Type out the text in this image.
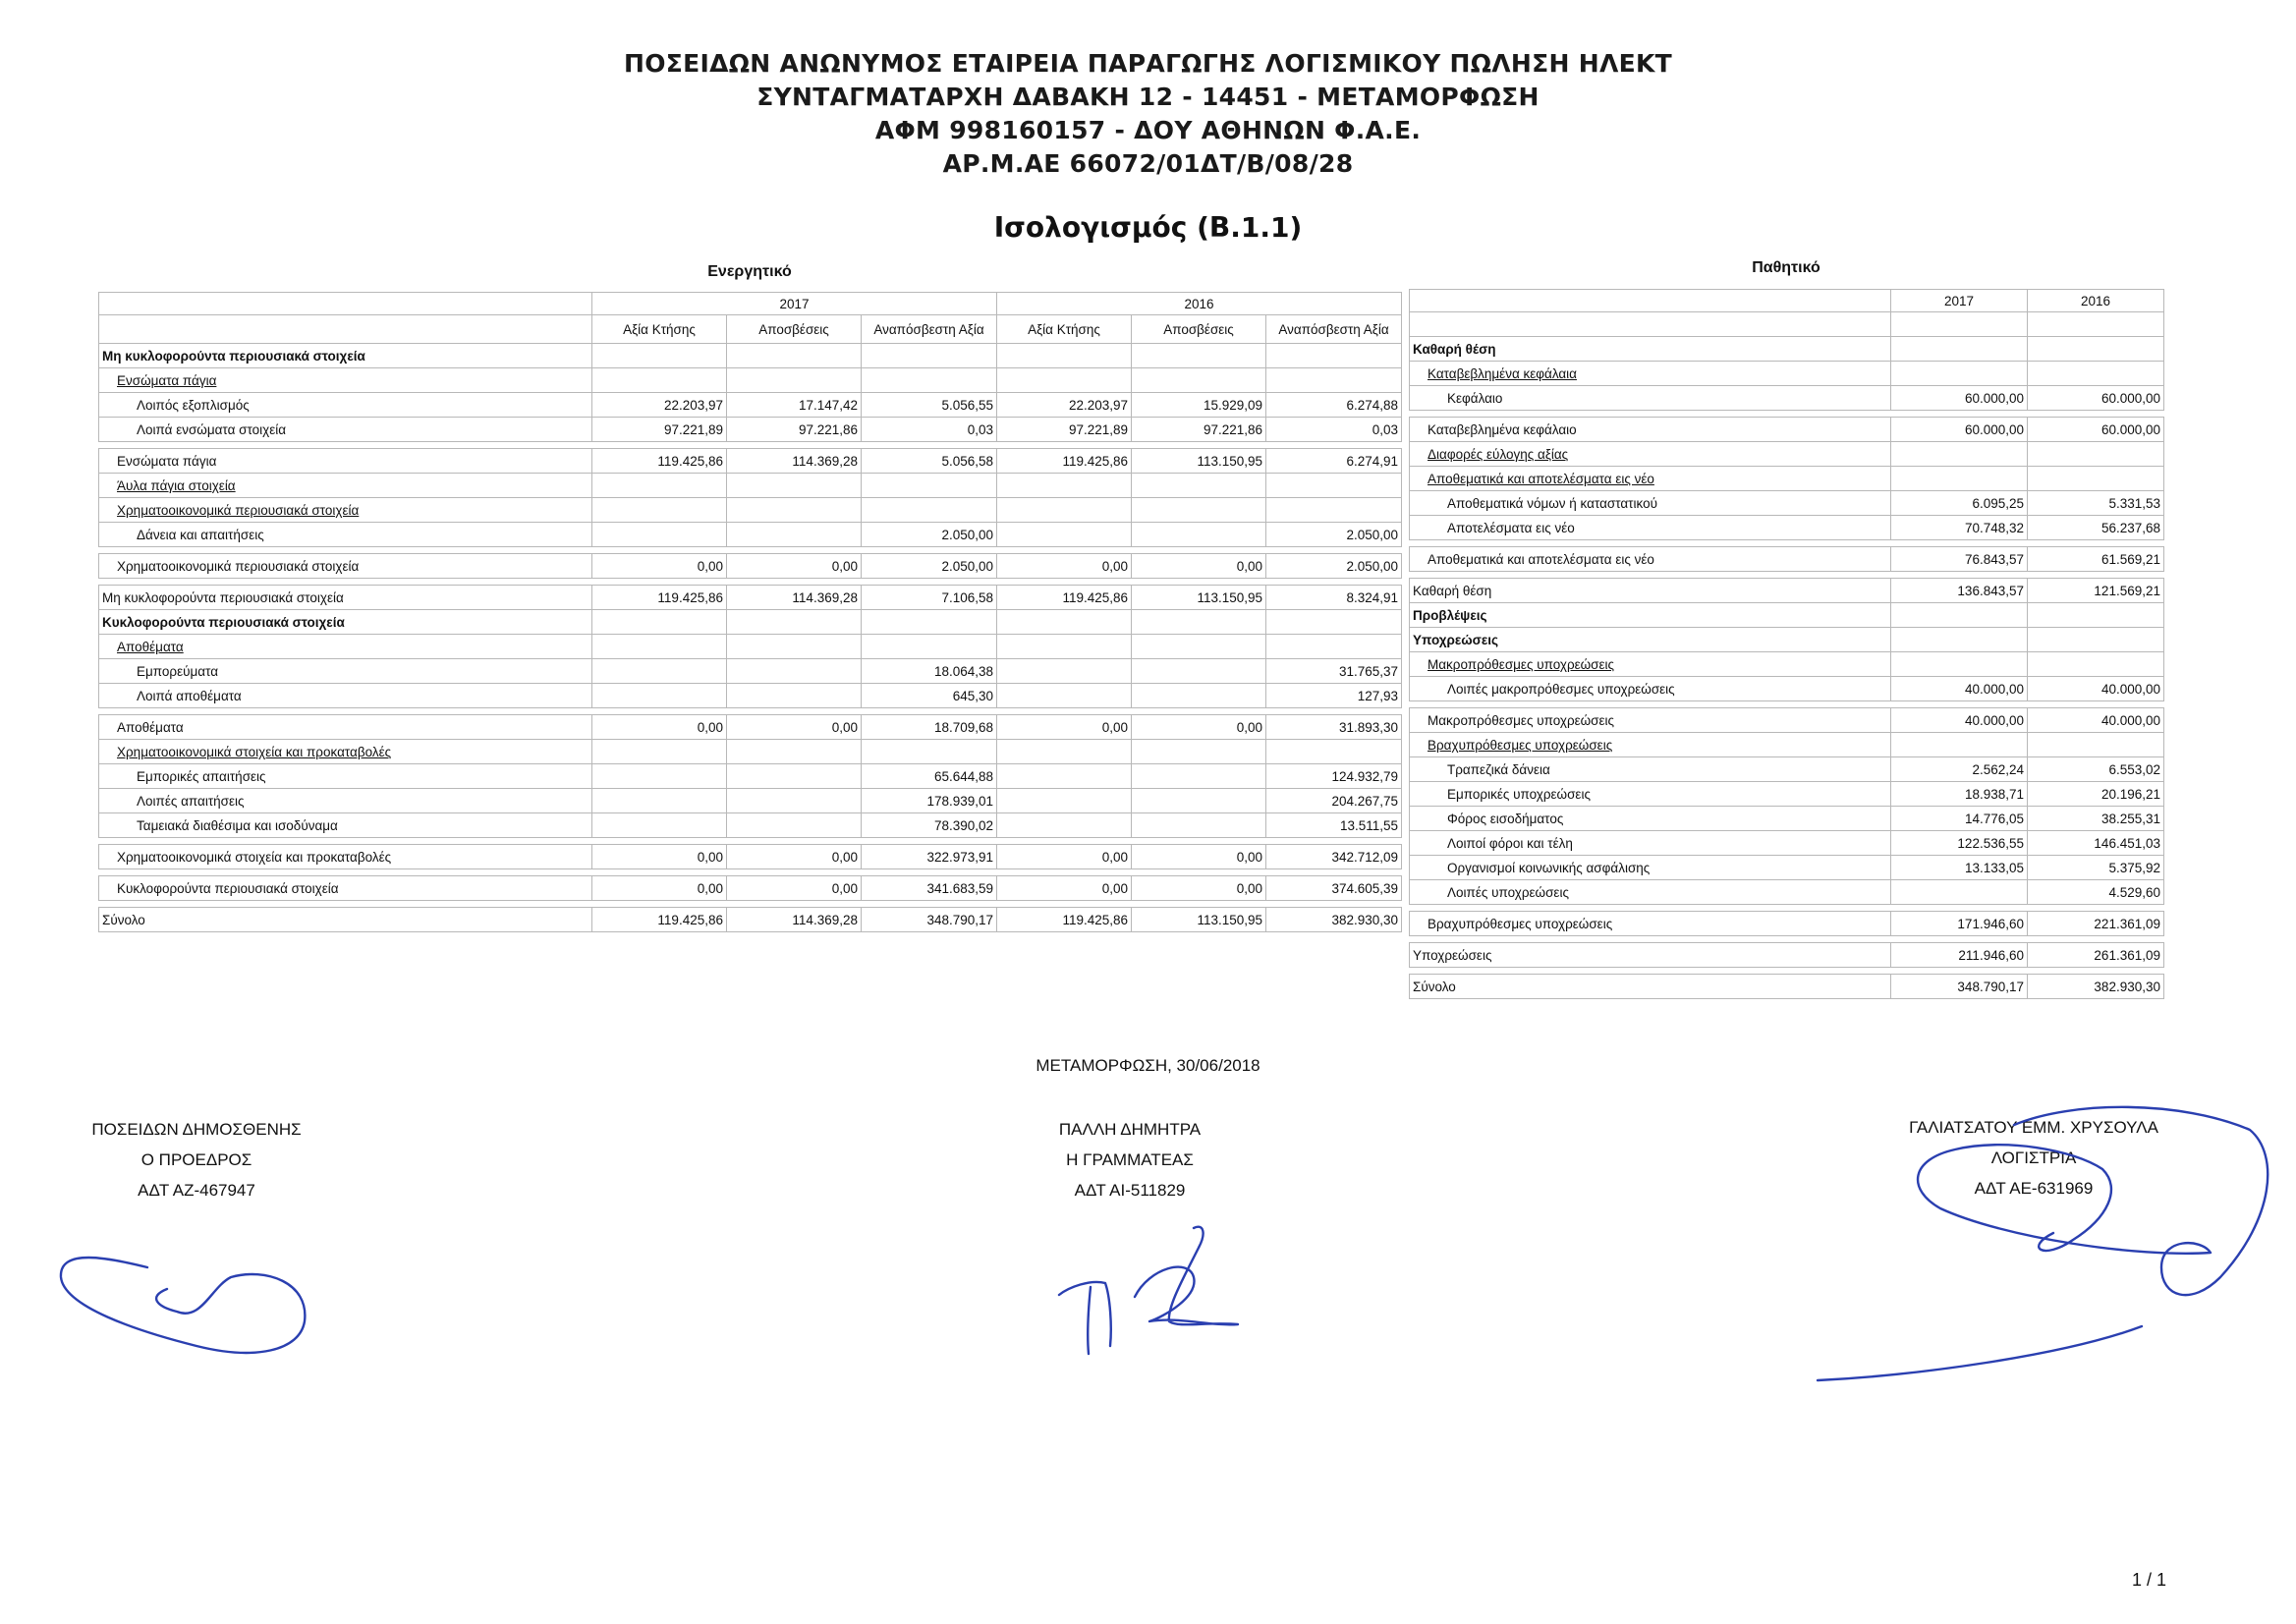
ΠΟΣΕΙΔΩΝ ΑΝΩΝΥΜΟΣ ΕΤΑΙΡΕΙΑ ΠΑΡΑΓΩΓΗΣ ΛΟΓΙΣΜΙΚΟΥ ΠΩΛΗΣΗ ΗΛΕΚΤ
ΣΥΝΤΑΓΜΑΤΑΡΧΗ ΔΑΒΑΚΗ 12 - 14451 - ΜΕΤΑΜΟΡΦΩΣΗ
ΑΦΜ 998160157 - ΔΟΥ ΑΘΗΝΩΝ Φ.Α.Ε.
ΑΡ.Μ.ΑΕ 66072/01ΔΤ/Β/08/28
Ισολογισμός (Β.1.1)
Ενεργητικό	Παθητικό
	2017			2016		
	Αξία Κτήσης	Αποσβέσεις	Αναπόσβεστη Αξία	Αξία Κτήσης	Αποσβέσεις	Αναπόσβεστη Αξία
Μη κυκλοφορούντα περιουσιακά στοιχεία						
Ενσώματα πάγια						
Λοιπός εξοπλισμός	22.203,97	17.147,42	5.056,55	22.203,97	15.929,09	6.274,88
Λοιπά ενσώματα στοιχεία	97.221,89	97.221,86	0,03	97.221,89	97.221,86	0,03

Ενσώματα πάγια	119.425,86	114.369,28	5.056,58	119.425,86	113.150,95	6.274,91
Άυλα πάγια στοιχεία						
Χρηματοοικονομικά περιουσιακά στοιχεία						
Δάνεια και απαιτήσεις			2.050,00			2.050,00

Χρηματοοικονομικά περιουσιακά στοιχεία	0,00	0,00	2.050,00	0,00	0,00	2.050,00

Μη κυκλοφορούντα περιουσιακά στοιχεία	119.425,86	114.369,28	7.106,58	119.425,86	113.150,95	8.324,91
Κυκλοφορούντα περιουσιακά στοιχεία						
Αποθέματα						
Εμπορεύματα			18.064,38			31.765,37
Λοιπά αποθέματα			645,30			127,93

Αποθέματα	0,00	0,00	18.709,68	0,00	0,00	31.893,30
Χρηματοοικονομικά στοιχεία και προκαταβολές						
Εμπορικές απαιτήσεις			65.644,88			124.932,79
Λοιπές απαιτήσεις			178.939,01			204.267,75
Ταμειακά διαθέσιμα και ισοδύναμα			78.390,02			13.511,55

Χρηματοοικονομικά στοιχεία και προκαταβολές	0,00	0,00	322.973,91	0,00	0,00	342.712,09

Κυκλοφορούντα περιουσιακά στοιχεία	0,00	0,00	341.683,59	0,00	0,00	374.605,39

Σύνολο	119.425,86	114.369,28	348.790,17	119.425,86	113.150,95	382.930,30
	2017	2016

Καθαρή θέση		
Καταβεβλημένα κεφάλαια		
Κεφάλαιο	60.000,00	60.000,00

Καταβεβλημένα κεφάλαιο	60.000,00	60.000,00
Διαφορές εύλογης αξίας		
Αποθεματικά και αποτελέσματα εις νέο		
Αποθεματικά νόμων ή καταστατικού	6.095,25	5.331,53
Αποτελέσματα εις νέο	70.748,32	56.237,68

Αποθεματικά και αποτελέσματα εις νέο	76.843,57	61.569,21

Καθαρή θέση	136.843,57	121.569,21
Προβλέψεις		
Υποχρεώσεις		
Μακροπρόθεσμες υποχρεώσεις		
Λοιπές μακροπρόθεσμες υποχρεώσεις	40.000,00	40.000,00

Μακροπρόθεσμες υποχρεώσεις	40.000,00	40.000,00
Βραχυπρόθεσμες υποχρεώσεις		
Τραπεζικά δάνεια	2.562,24	6.553,02
Εμπορικές υποχρεώσεις	18.938,71	20.196,21
Φόρος εισοδήματος	14.776,05	38.255,31
Λοιποί φόροι και τέλη	122.536,55	146.451,03
Οργανισμοί κοινωνικής ασφάλισης	13.133,05	5.375,92
Λοιπές υποχρεώσεις		4.529,60

Βραχυπρόθεσμες υποχρεώσεις	171.946,60	221.361,09

Υποχρεώσεις	211.946,60	261.361,09

Σύνολο	348.790,17	382.930,30
ΜΕΤΑΜΟΡΦΩΣΗ, 30/06/2018
ΠΟΣΕΙΔΩΝ ΔΗΜΟΣΘΕΝΗΣ
Ο ΠΡΟΕΔΡΟΣ
ΑΔΤ ΑΖ-467947
ΠΑΛΛΗ ΔΗΜΗΤΡΑ
Η ΓΡΑΜΜΑΤΕΑΣ
ΑΔΤ ΑΙ-511829
ΓΑΛΙΑΤΣΑΤΟΥ ΕΜΜ. ΧΡΥΣΟΥΛΑ
ΛΟΓΙΣΤΡΙΑ
ΑΔΤ ΑΕ-631969
1 / 1
